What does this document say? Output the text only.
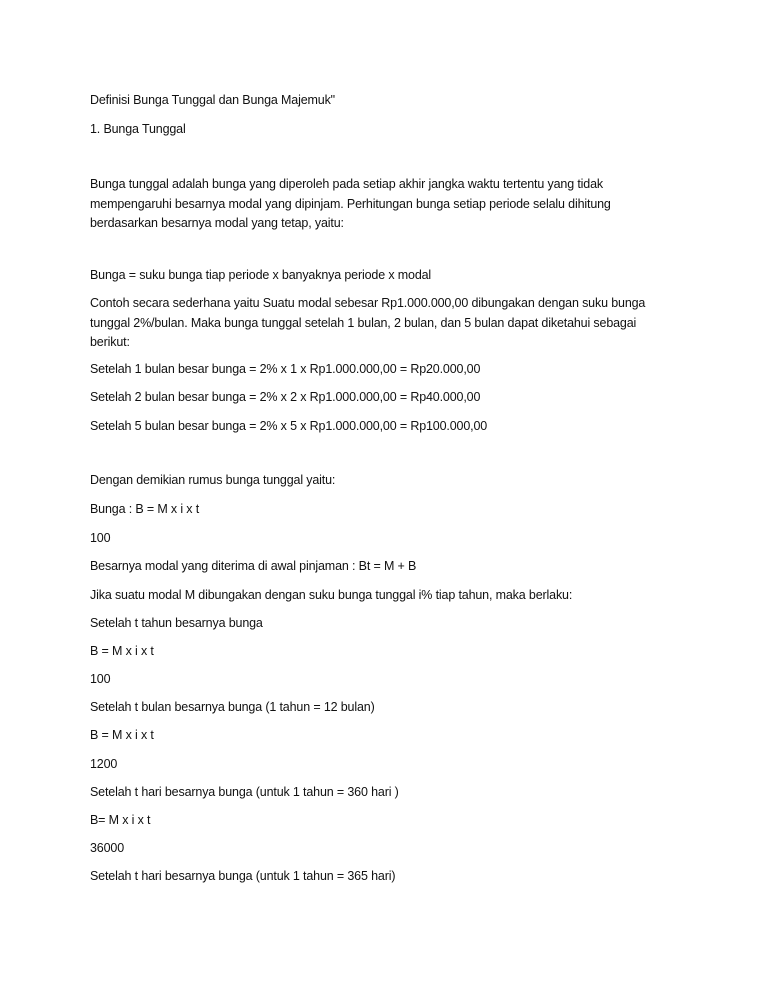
Definisi Bunga Tunggal dan Bunga Majemuk"

1. Bunga Tunggal

Bunga tunggal adalah bunga yang diperoleh pada setiap akhir jangka waktu tertentu yang tidak
mempengaruhi besarnya modal yang dipinjam. Perhitungan bunga setiap periode selalu dihitung
berdasarkan besarnya modal yang tetap, yaitu:

Bunga = suku bunga tiap periode x banyaknya periode x modal

Contoh secara sederhana yaitu Suatu modal sebesar Rp1.000.000,00 dibungakan dengan suku bunga
tunggal 2%/bulan. Maka bunga tunggal setelah 1 bulan, 2 bulan, dan 5 bulan dapat diketahui sebagai
berikut:

Setelah 1 bulan besar bunga = 2% x 1 x Rp1.000.000,00 = Rp20.000,00

Setelah 2 bulan besar bunga = 2% x 2 x Rp1.000.000,00 = Rp40.000,00

Setelah 5 bulan besar bunga = 2% x 5 x Rp1.000.000,00 = Rp100.000,00

Dengan demikian rumus bunga tunggal yaitu:

Bunga : B = M x i x t

100

Besarnya modal yang diterima di awal pinjaman : Bt = M + B

Jika suatu modal M dibungakan dengan suku bunga tunggal i% tiap tahun, maka berlaku:

Setelah t tahun besarnya bunga

B = M x i x t

100

Setelah t bulan besarnya bunga (1 tahun = 12 bulan)

B = M x i x t

1200

Setelah t hari besarnya bunga (untuk 1 tahun = 360 hari )

B= M x i x t

36000

Setelah t hari besarnya bunga (untuk 1 tahun = 365 hari)
